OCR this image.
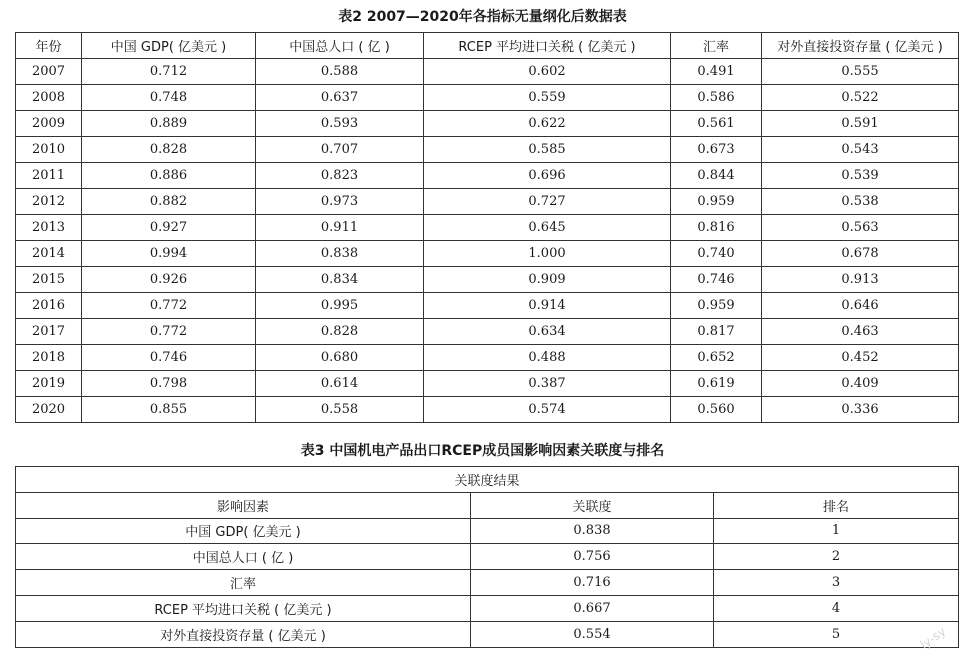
表2 2007—2020年各指标无量纲化后数据表
年份	中国 GDP( 亿美元 )	中国总人口 ( 亿 )	RCEP 平均进口关税 ( 亿美元 )	汇率	对外直接投资存量 ( 亿美元 )
2007	0.712	0.588	0.602	0.491	0.555
2008	0.748	0.637	0.559	0.586	0.522
2009	0.889	0.593	0.622	0.561	0.591
2010	0.828	0.707	0.585	0.673	0.543
2011	0.886	0.823	0.696	0.844	0.539
2012	0.882	0.973	0.727	0.959	0.538
2013	0.927	0.911	0.645	0.816	0.563
2014	0.994	0.838	1.000	0.740	0.678
2015	0.926	0.834	0.909	0.746	0.913
2016	0.772	0.995	0.914	0.959	0.646
2017	0.772	0.828	0.634	0.817	0.463
2018	0.746	0.680	0.488	0.652	0.452
2019	0.798	0.614	0.387	0.619	0.409
2020	0.855	0.558	0.574	0.560	0.336
表3 中国机电产品出口RCEP成员国影响因素关联度与排名
关联度结果		
影响因素	关联度	排名
中国 GDP( 亿美元 )	0.838	1
中国总人口 ( 亿 )	0.756	2
汇率	0.716	3
RCEP 平均进口关税 ( 亿美元 )	0.667	4
对外直接投资存量 ( 亿美元 )	0.554	5	ly-sy
